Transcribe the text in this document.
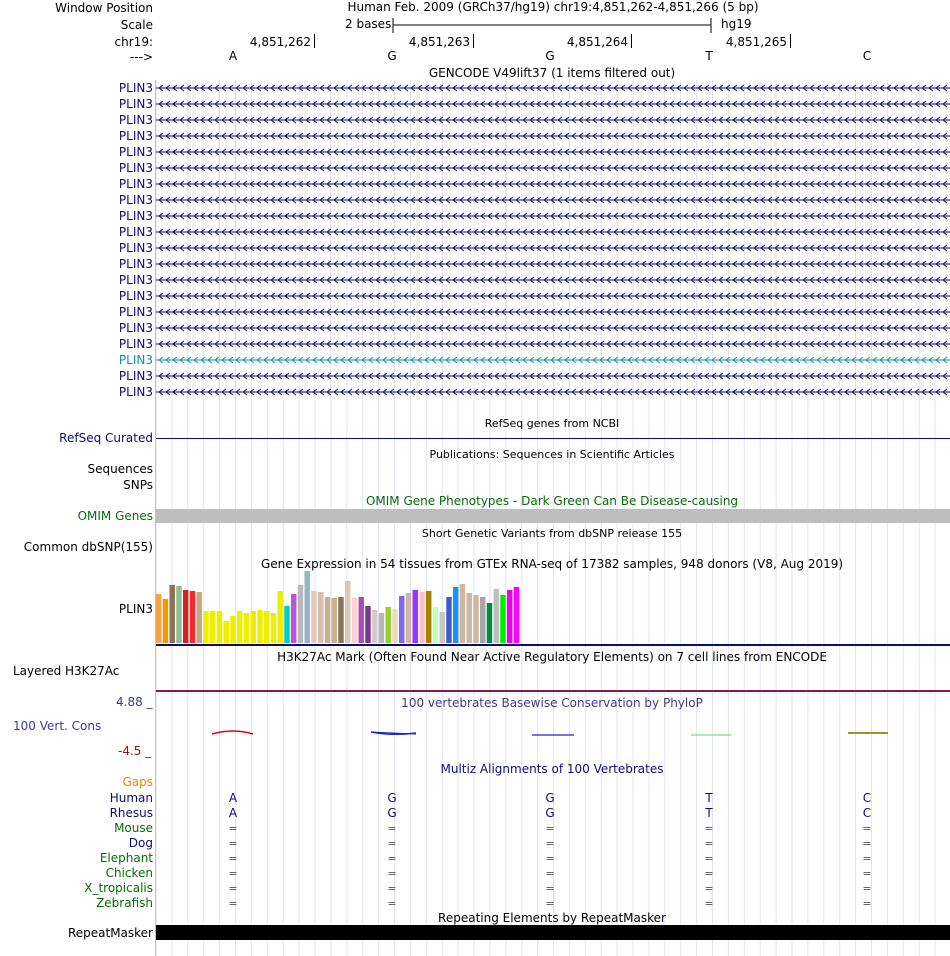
Window Position
Scale
chr19:
--->
Human Feb. 2009 (GRCh37/hg19) chr19:4,851,262-4,851,266 (5 bp)
2 bases	hg19
4,851,262	4,851,263	4,851,264	4,851,265
A	G	G	T	C
GENCODE V49lift37 (1 items filtered out)
PLIN3
PLIN3
PLIN3
PLIN3
PLIN3
PLIN3
PLIN3
PLIN3
PLIN3
PLIN3
PLIN3
PLIN3
PLIN3
PLIN3
PLIN3
PLIN3
PLIN3
PLIN3
PLIN3
PLIN3
RefSeq genes from NCBI
RefSeq Curated
Publications: Sequences in Scientific Articles
Sequences
SNPs
OMIM Gene Phenotypes - Dark Green Can Be Disease-causing
OMIM Genes
Short Genetic Variants from dbSNP release 155
Common dbSNP(155)
Gene Expression in 54 tissues from GTEx RNA-seq of 17382 samples, 948 donors (V8, Aug 2019)
PLIN3
H3K27Ac Mark (Often Found Near Active Regulatory Elements) on 7 cell lines from ENCODE
Layered H3K27Ac
100 vertebrates Basewise Conservation by PhyloP
4.88 _
100 Vert. Cons
-4.5 _
Multiz Alignments of 100 Vertebrates
Gaps
Human	A	G	G	T	C
Rhesus	A	G	G	T	C
Mouse	=	=	=	=	=
Dog	=	=	=	=	=
Elephant	=	=	=	=	=
Chicken	=	=	=	=	=
X_tropicalis	=	=	=	=	=
Zebrafish	=	=	=	=	=
Repeating Elements by RepeatMasker
RepeatMasker
